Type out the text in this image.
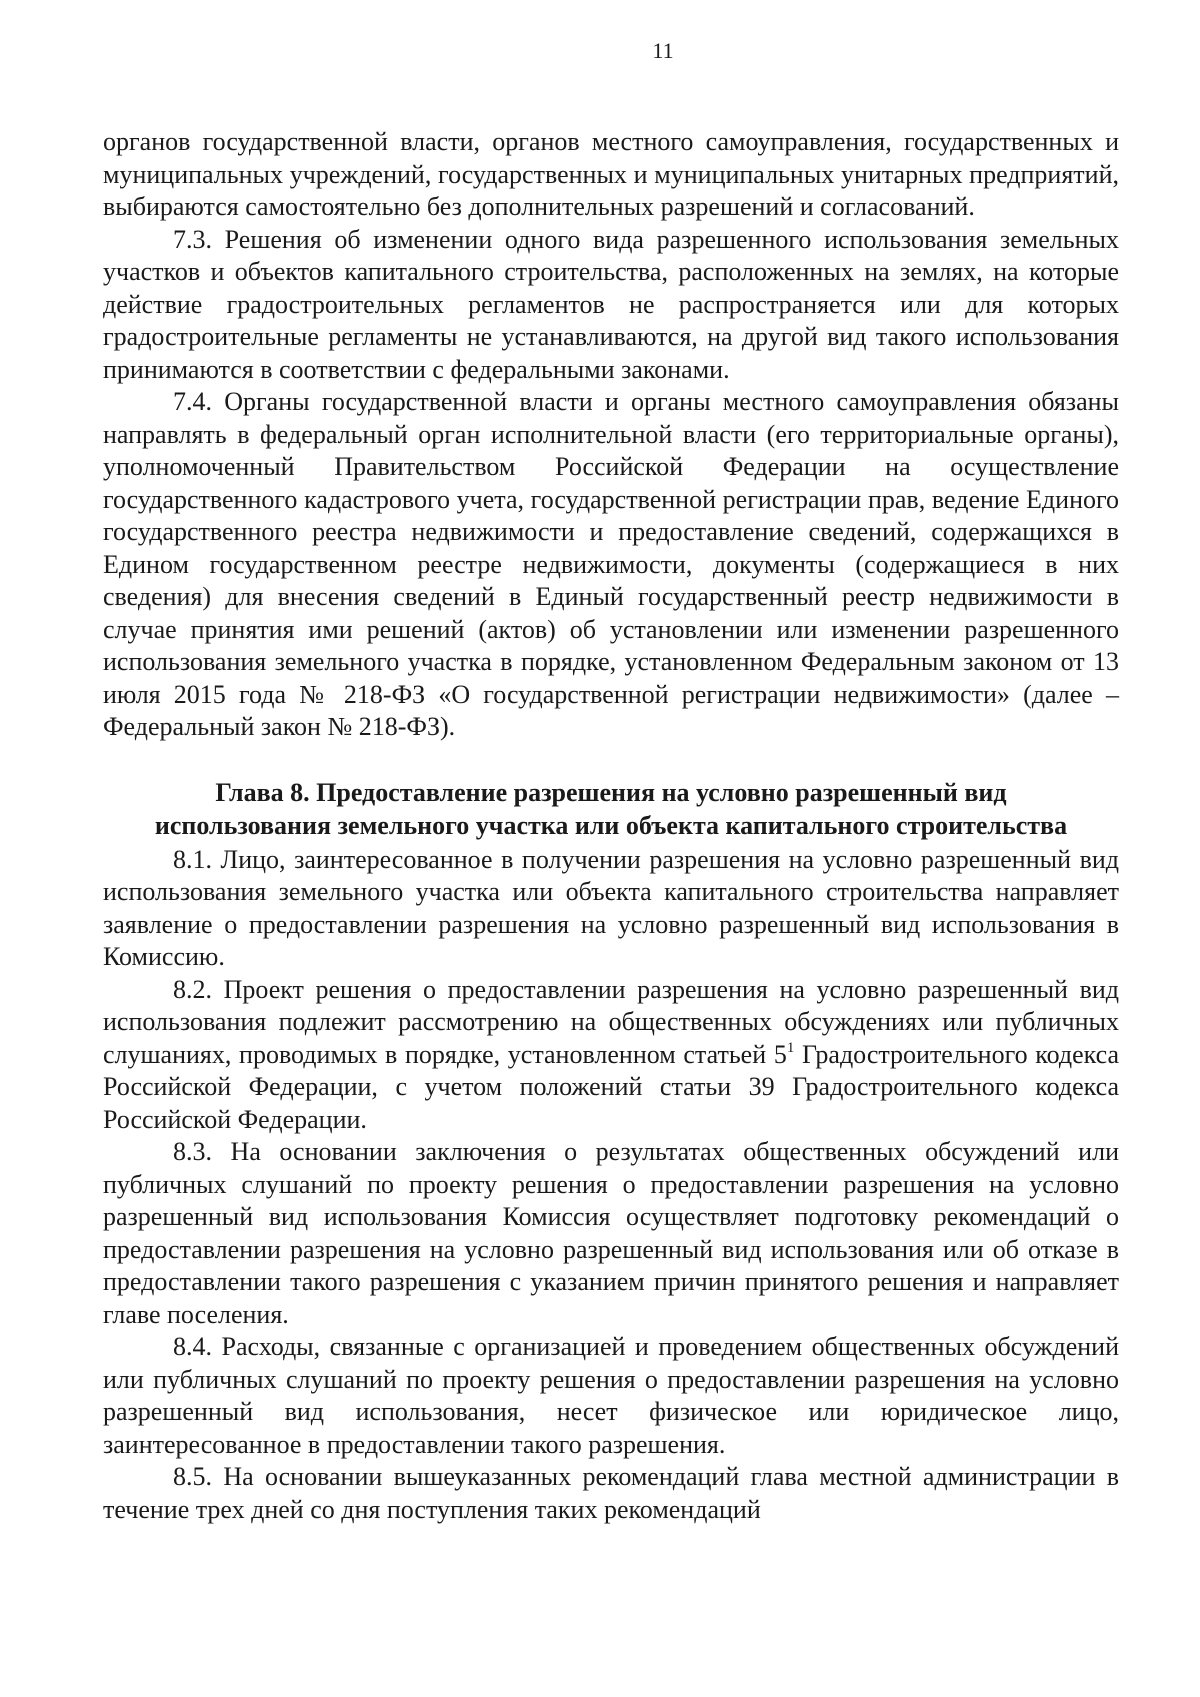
11

органов государственной власти, органов местного самоуправления, государственных и муниципальных учреждений, государственных и муниципальных унитарных предприятий, выбираются самостоятельно без дополнительных разрешений и согласований.

7.3. Решения об изменении одного вида разрешенного использования земельных участков и объектов капитального строительства, расположенных на землях, на которые действие градостроительных регламентов не распространяется или для которых градостроительные регламенты не устанавливаются, на другой вид такого использования принимаются в соответствии с федеральными законами.

7.4. Органы государственной власти и органы местного самоуправления обязаны направлять в федеральный орган исполнительной власти (его территориальные органы), уполномоченный Правительством Российской Федерации на осуществление государственного кадастрового учета, государственной регистрации прав, ведение Единого государственного реестра недвижимости и предоставление сведений, содержащихся в Едином государственном реестре недвижимости, документы (содержащиеся в них сведения) для внесения сведений в Единый государственный реестр недвижимости в случае принятия ими решений (актов) об установлении или изменении разрешенного использования земельного участка в порядке, установленном Федеральным законом от 13 июля 2015 года № 218-ФЗ «О государственной регистрации недвижимости» (далее – Федеральный закон № 218-ФЗ).

Глава 8. Предоставление разрешения на условно разрешенный вид
использования земельного участка или объекта капитального строительства

8.1. Лицо, заинтересованное в получении разрешения на условно разрешенный вид использования земельного участка или объекта капитального строительства направляет заявление о предоставлении разрешения на условно разрешенный вид использования в Комиссию.

8.2. Проект решения о предоставлении разрешения на условно разрешенный вид использования подлежит рассмотрению на общественных обсуждениях или публичных слушаниях, проводимых в порядке, установленном статьей $5^1$ Градостроительного кодекса Российской Федерации, с учетом положений статьи 39 Градостроительного кодекса Российской Федерации.

8.3. На основании заключения о результатах общественных обсуждений или публичных слушаний по проекту решения о предоставлении разрешения на условно разрешенный вид использования Комиссия осуществляет подготовку рекомендаций о предоставлении разрешения на условно разрешенный вид использования или об отказе в предоставлении такого разрешения с указанием причин принятого решения и направляет главе поселения.

8.4. Расходы, связанные с организацией и проведением общественных обсуждений или публичных слушаний по проекту решения о предоставлении разрешения на условно разрешенный вид использования, несет физическое или юридическое лицо, заинтересованное в предоставлении такого разрешения.

8.5. На основании вышеуказанных рекомендаций глава местной администрации в течение трех дней со дня поступления таких рекомендаций
